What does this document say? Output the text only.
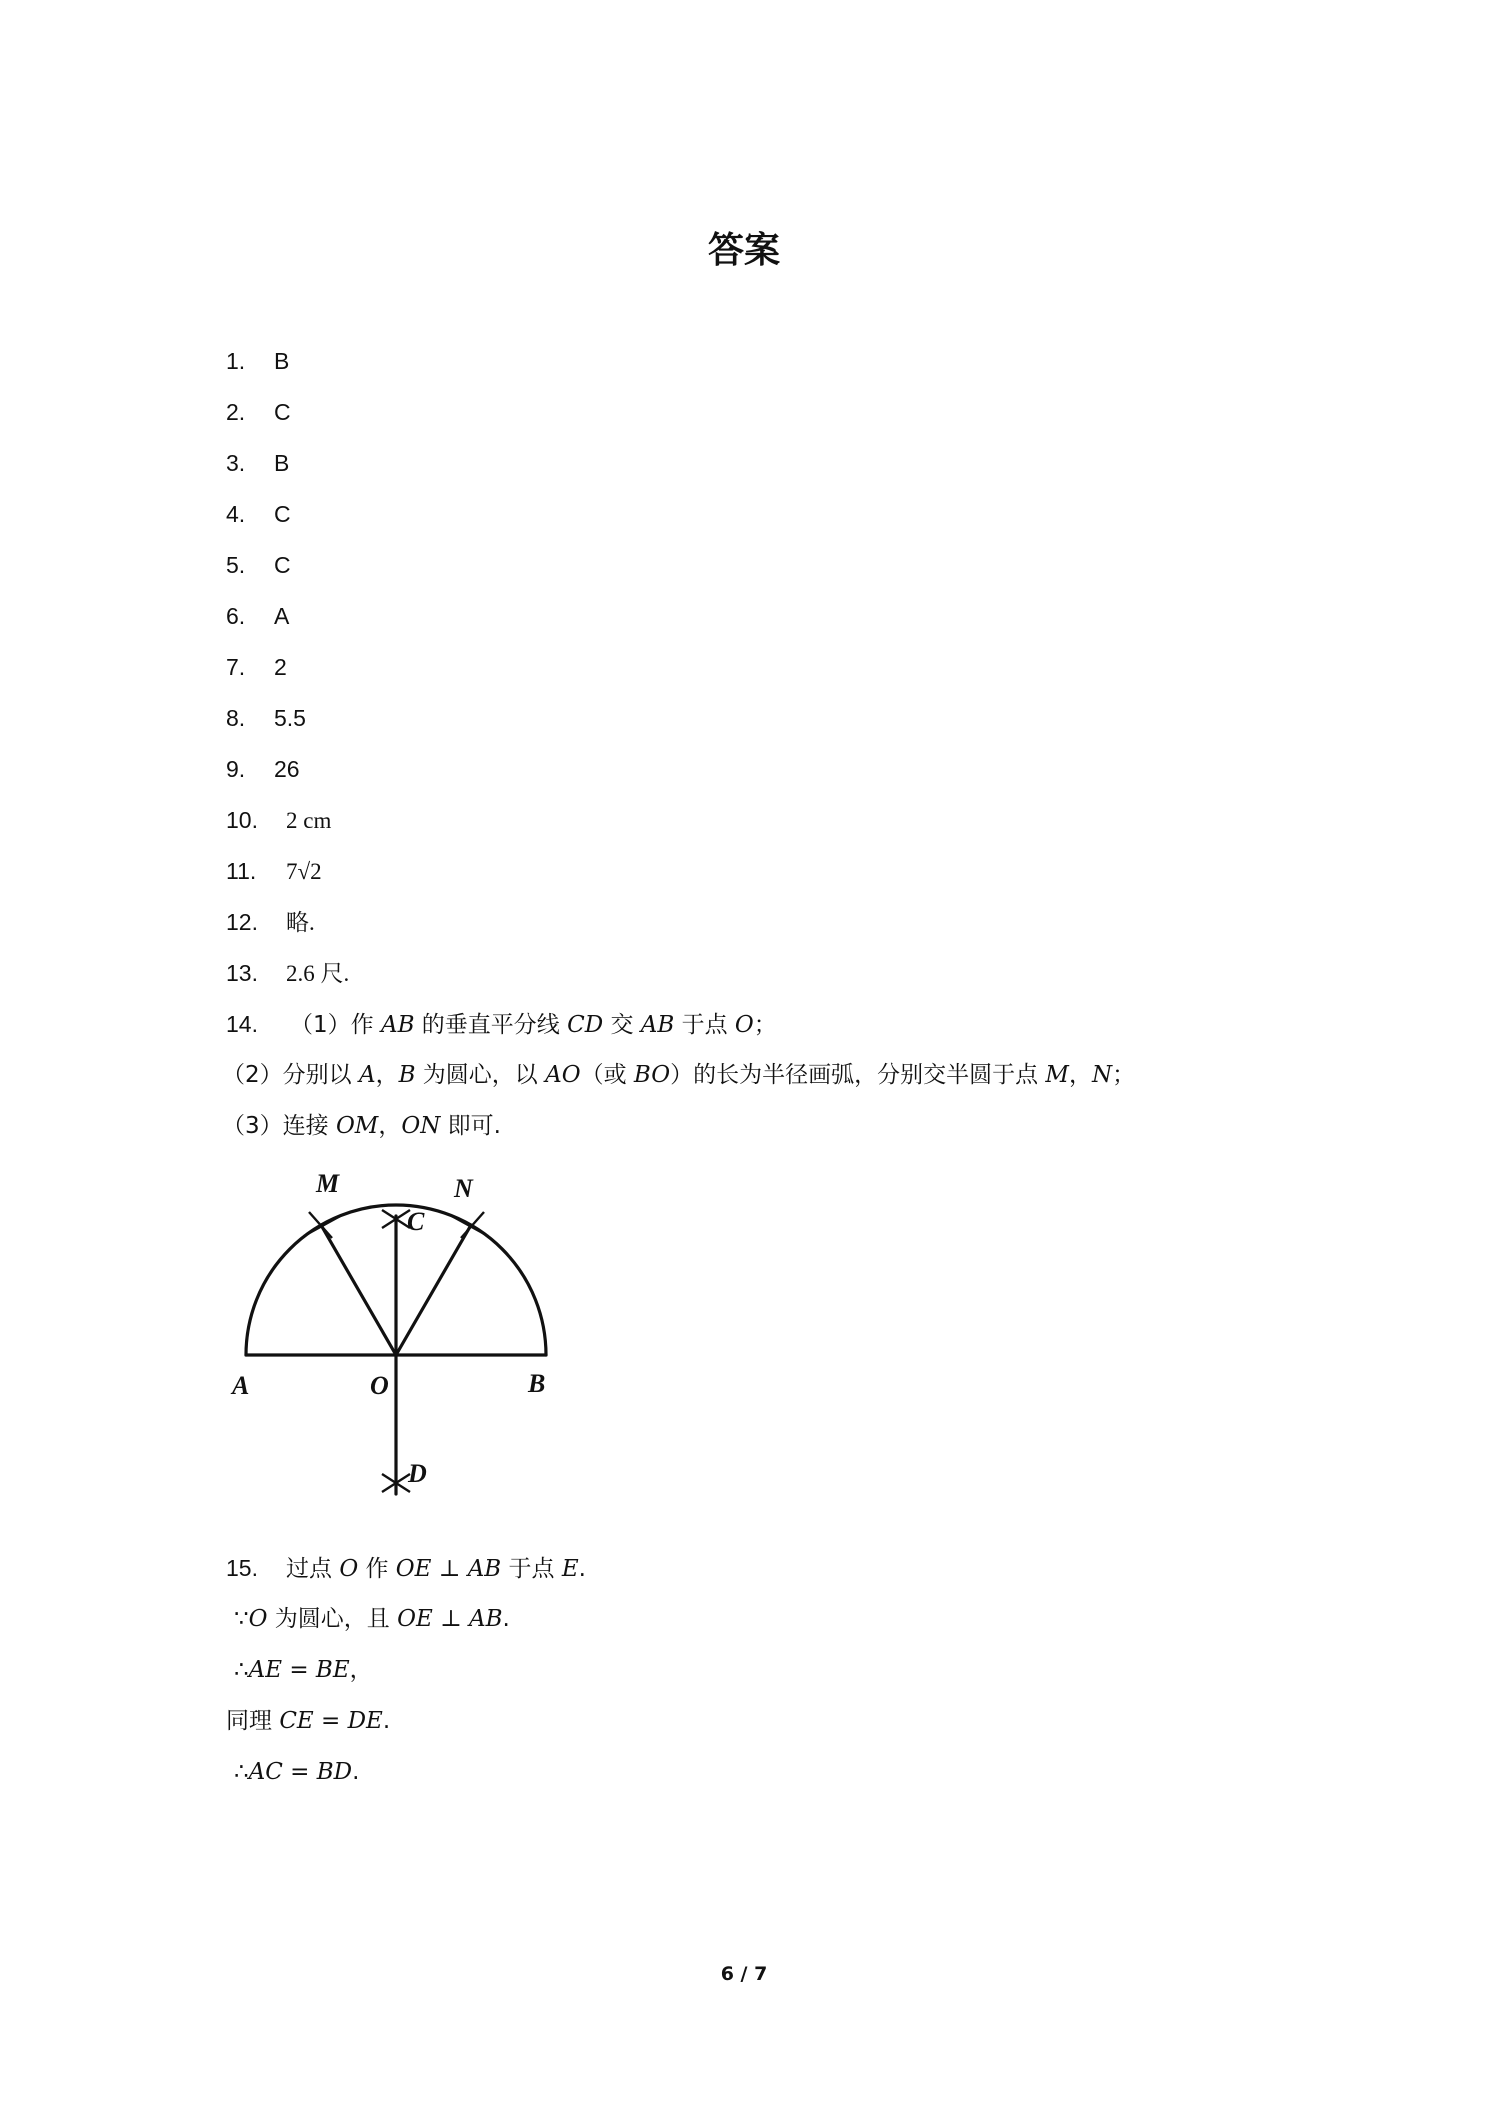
答案
1. B
2. C
3. B
4. C
5. C
6. A
7. 2
8. 5.5
9. 26
10. 2 cm
11. 7√2
12. 略.
13. 2.6 尺.
14. （1）作 AB 的垂直平分线 CD 交 AB 于点 O；
（2）分别以 A，B 为圆心，以 AO（或 BO）的长为半径画弧，分别交半圆于点 M，N；
（3）连接 OM，ON 即可.
M	N
C
A	O	B
D
15. 过点 O 作 OE ⊥ AB 于点 E.
∵O 为圆心，且 OE ⊥ AB.
∴AE = BE，
同理 CE = DE.
∴AC = BD.
6 / 7
